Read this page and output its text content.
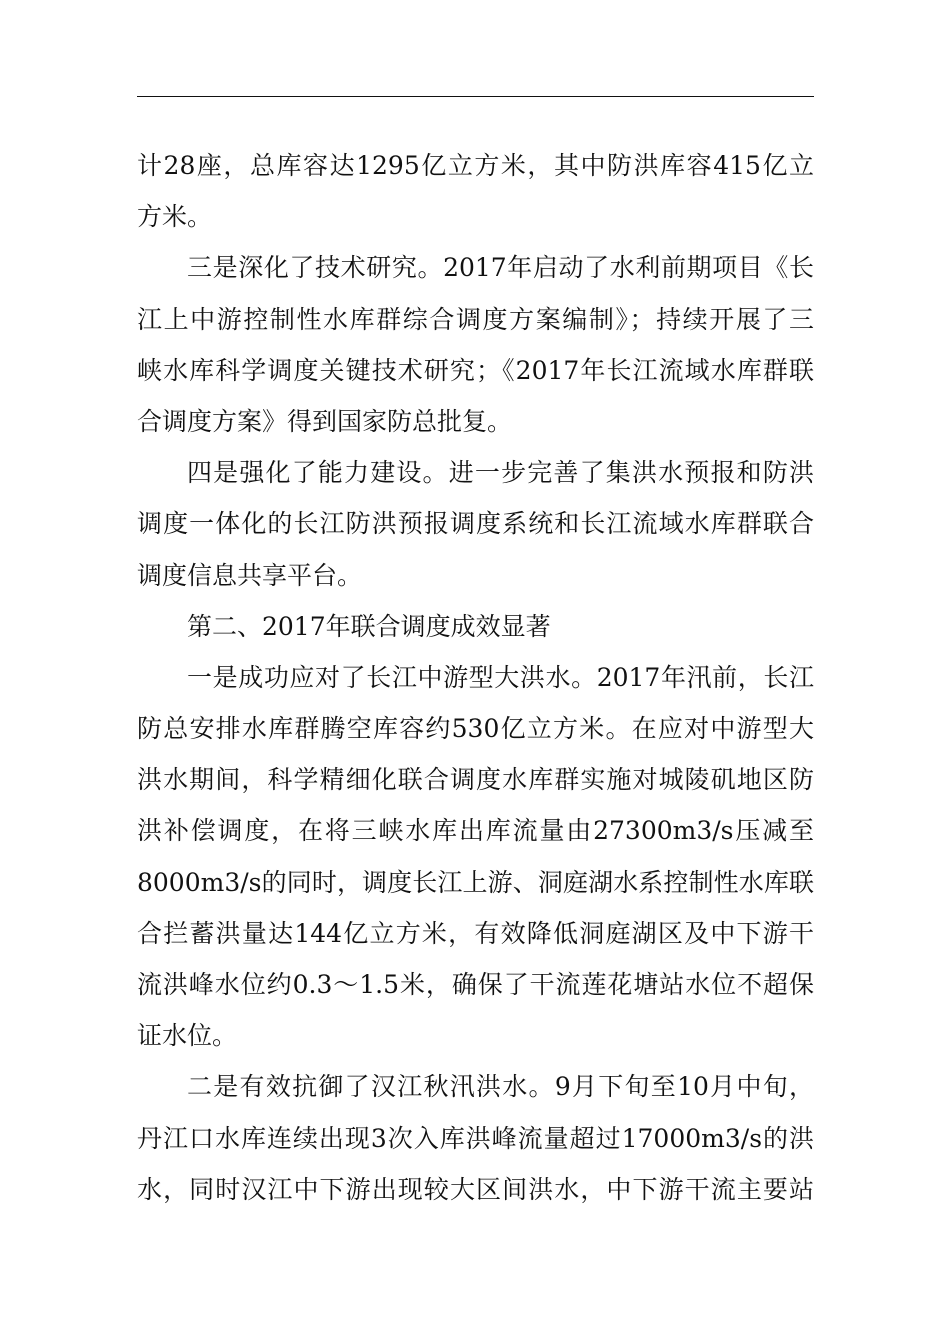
计28座，总库容达1295亿立方米，其中防洪库容415亿立
方米。
三是深化了技术研究。2017年启动了水利前期项目《长
江上中游控制性水库群综合调度方案编制》；持续开展了三
峡水库科学调度关键技术研究；《2017年长江流域水库群联
合调度方案》得到国家防总批复。
四是强化了能力建设。进一步完善了集洪水预报和防洪
调度一体化的长江防洪预报调度系统和长江流域水库群联合
调度信息共享平台。
第二、2017年联合调度成效显著
一是成功应对了长江中游型大洪水。2017年汛前，长江
防总安排水库群腾空库容约530亿立方米。在应对中游型大
洪水期间，科学精细化联合调度水库群实施对城陵矶地区防
洪补偿调度，在将三峡水库出库流量由27300m3/s压减至
8000m3/s的同时，调度长江上游、洞庭湖水系控制性水库联
合拦蓄洪量达144亿立方米，有效降低洞庭湖区及中下游干
流洪峰水位约0.3～1.5米，确保了干流莲花塘站水位不超保
证水位。
二是有效抗御了汉江秋汛洪水。9月下旬至10月中旬，
丹江口水库连续出现3次入库洪峰流量超过17000m3/s的洪
水，同时汉江中下游出现较大区间洪水，中下游干流主要站
